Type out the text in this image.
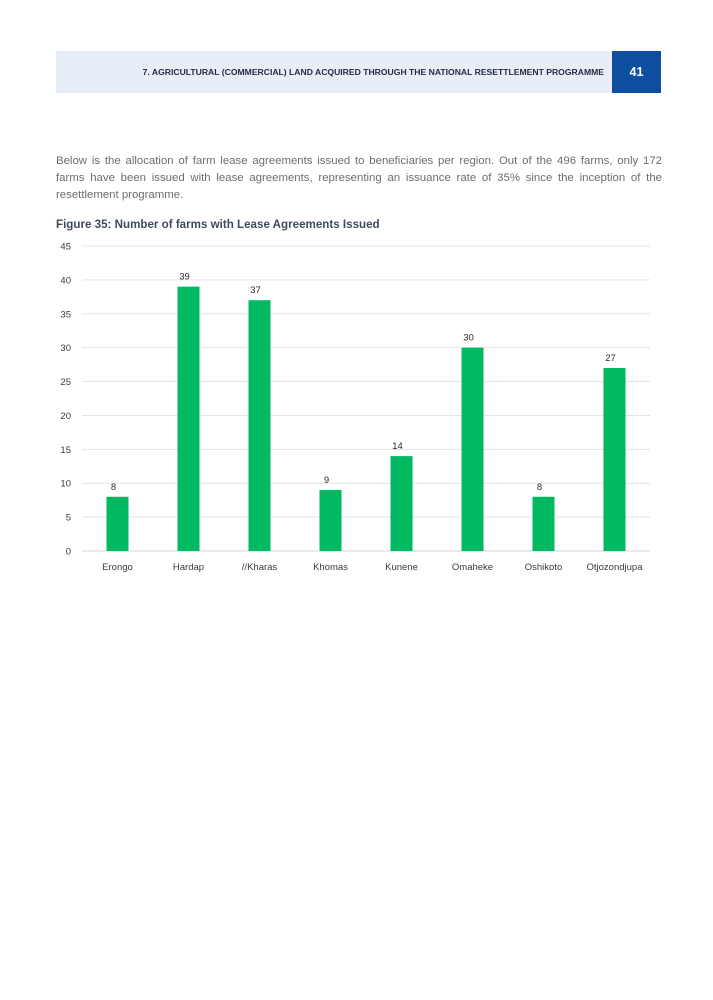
7. AGRICULTURAL (COMMERCIAL) LAND ACQUIRED THROUGH THE NATIONAL RESETTLEMENT PROGRAMME	41

Below is the allocation of farm lease agreements issued to beneficiaries per region. Out of the 496 farms, only 172 farms have been issued with lease agreements, representing an issuance rate of 35% since the inception of the resettlement programme.

Figure 35: Number of farms with Lease Agreements Issued

0
5
10
15
20
25
30
35
40
45
8
39
37
9
14
30
8
27
Erongo	Hardap	//Kharas	Khomas	Kunene	Omaheke	Oshikoto	Otjozondjupa
